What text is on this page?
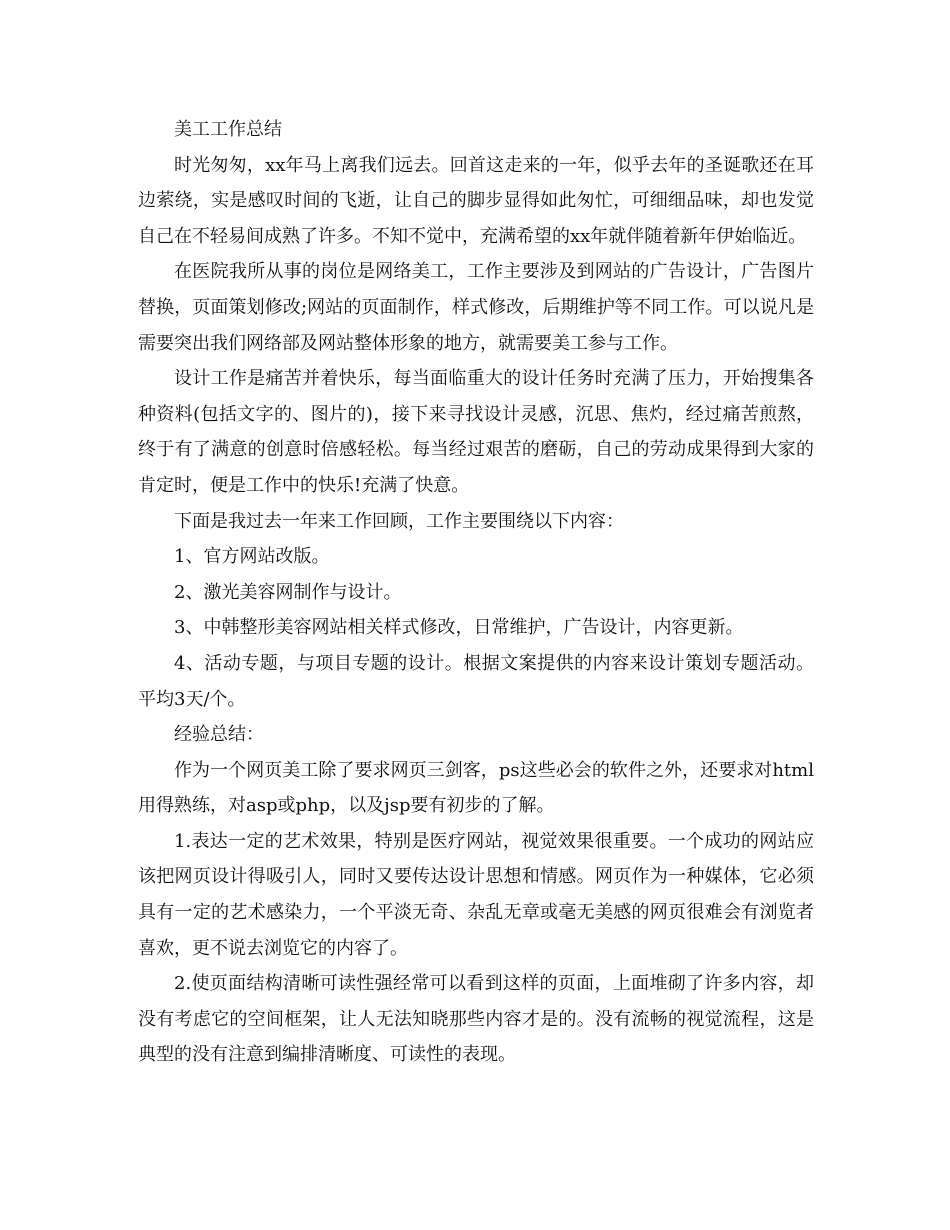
美工工作总结

时光匆匆，xx年马上离我们远去。回首这走来的一年，似乎去年的圣诞歌还在耳边萦绕，实是感叹时间的飞逝，让自己的脚步显得如此匆忙，可细细品味，却也发觉自己在不轻易间成熟了许多。不知不觉中，充满希望的xx年就伴随着新年伊始临近。

在医院我所从事的岗位是网络美工，工作主要涉及到网站的广告设计，广告图片替换，页面策划修改;网站的页面制作，样式修改，后期维护等不同工作。可以说凡是需要突出我们网络部及网站整体形象的地方，就需要美工参与工作。

设计工作是痛苦并着快乐，每当面临重大的设计任务时充满了压力，开始搜集各种资料(包括文字的、图片的)，接下来寻找设计灵感，沉思、焦灼，经过痛苦煎熬，终于有了满意的创意时倍感轻松。每当经过艰苦的磨砺，自己的劳动成果得到大家的肯定时，便是工作中的快乐!充满了快意。

下面是我过去一年来工作回顾，工作主要围绕以下内容：

1、官方网站改版。

2、激光美容网制作与设计。

3、中韩整形美容网站相关样式修改，日常维护，广告设计，内容更新。

4、活动专题，与项目专题的设计。根据文案提供的内容来设计策划专题活动。平均3天/个。

经验总结：

作为一个网页美工除了要求网页三剑客，ps这些必会的软件之外，还要求对html用得熟练，对asp或php，以及jsp要有初步的了解。

1.表达一定的艺术效果，特别是医疗网站，视觉效果很重要。一个成功的网站应该把网页设计得吸引人，同时又要传达设计思想和情感。网页作为一种媒体，它必须具有一定的艺术感染力，一个平淡无奇、杂乱无章或毫无美感的网页很难会有浏览者喜欢，更不说去浏览它的内容了。

2.使页面结构清晰可读性强经常可以看到这样的页面，上面堆砌了许多内容，却没有考虑它的空间框架，让人无法知晓那些内容才是的。没有流畅的视觉流程，这是典型的没有注意到编排清晰度、可读性的表现。
